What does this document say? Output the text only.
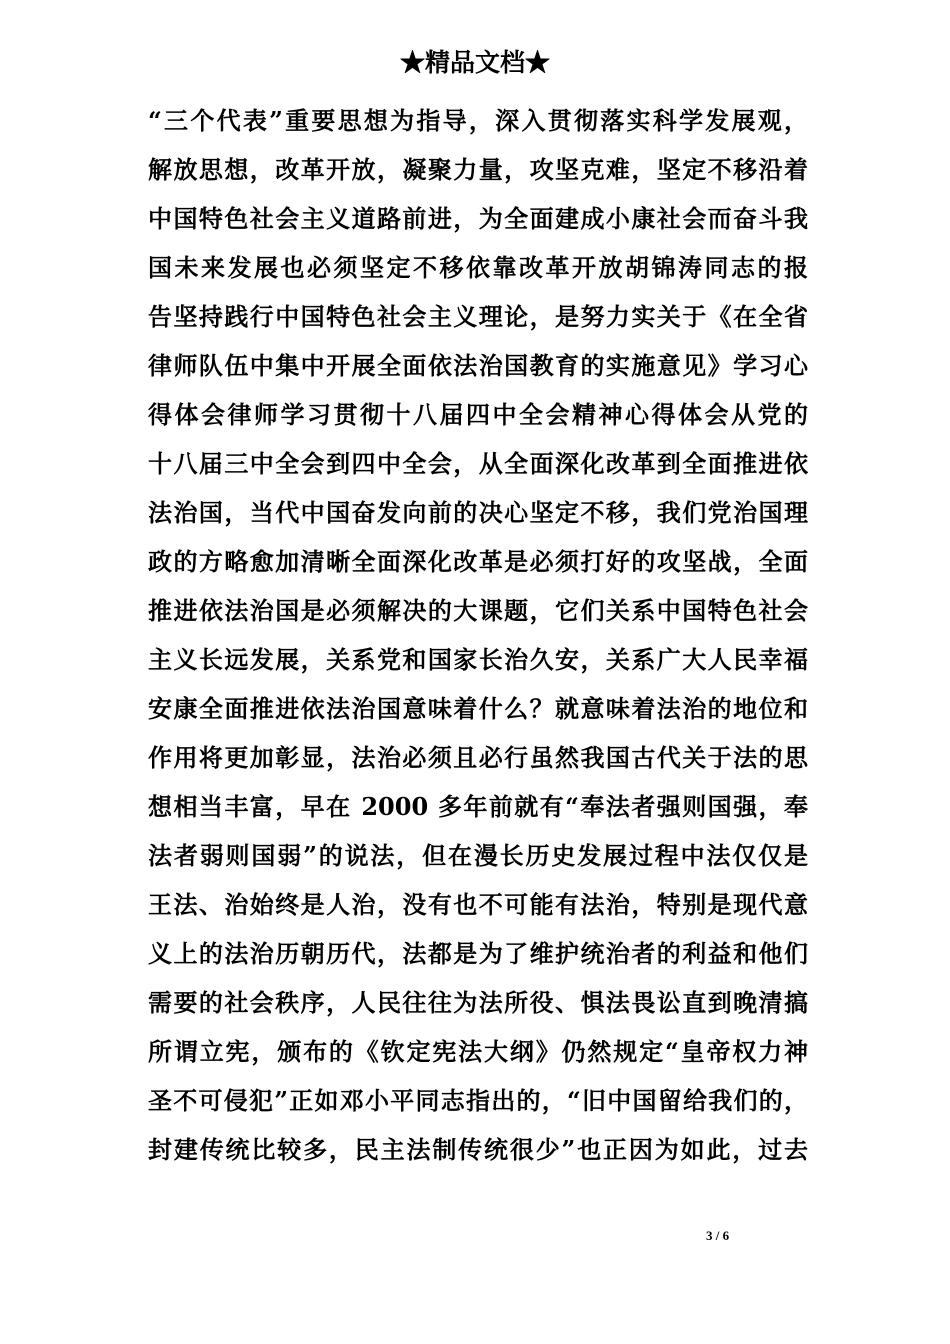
★精品文档★
“三个代表”重要思想为指导，深入贯彻落实科学发展观，
解放思想，改革开放，凝聚力量，攻坚克难，坚定不移沿着
中国特色社会主义道路前进，为全面建成小康社会而奋斗我
国未来发展也必须坚定不移依靠改革开放胡锦涛同志的报
告坚持践行中国特色社会主义理论，是努力实关于《在全省
律师队伍中集中开展全面依法治国教育的实施意见》学习心
得体会律师学习贯彻十八届四中全会精神心得体会从党的
十八届三中全会到四中全会，从全面深化改革到全面推进依
法治国，当代中国奋发向前的决心坚定不移，我们党治国理
政的方略愈加清晰全面深化改革是必须打好的攻坚战，全面
推进依法治国是必须解决的大课题，它们关系中国特色社会
主义长远发展，关系党和国家长治久安，关系广大人民幸福
安康全面推进依法治国意味着什么？就意味着法治的地位和
作用将更加彰显，法治必须且必行虽然我国古代关于法的思
想相当丰富，早在 2000 多年前就有“奉法者强则国强，奉
法者弱则国弱”的说法，但在漫长历史发展过程中法仅仅是
王法、治始终是人治，没有也不可能有法治，特别是现代意
义上的法治历朝历代，法都是为了维护统治者的利益和他们
需要的社会秩序，人民往往为法所役、惧法畏讼直到晚清搞
所谓立宪，颁布的《钦定宪法大纲》仍然规定“皇帝权力神
圣不可侵犯”正如邓小平同志指出的，“旧中国留给我们的，
封建传统比较多，民主法制传统很少”也正因为如此，过去
3 / 6
